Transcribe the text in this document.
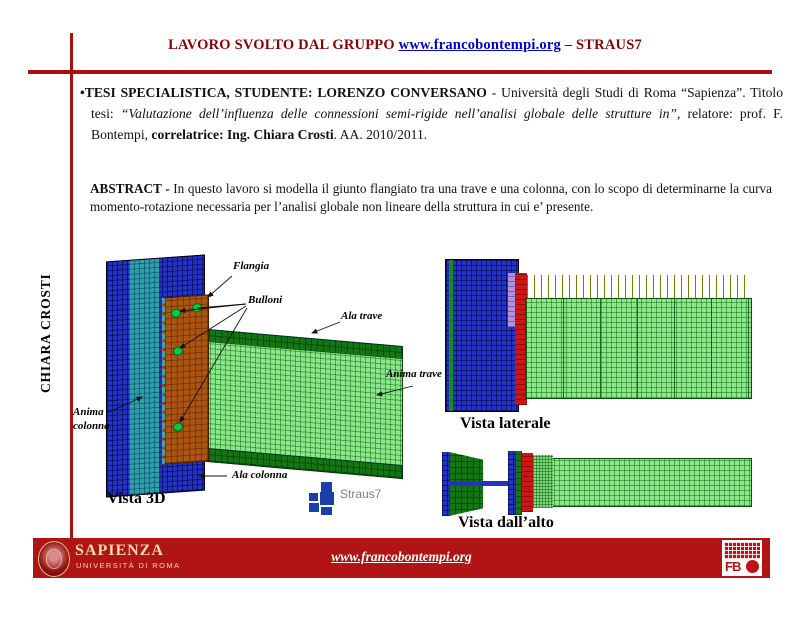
LAVORO SVOLTO DAL GRUPPO www.francobontempi.org – STRAUS7
CHIARA CROSTI
•TESI SPECIALISTICA, STUDENTE: LORENZO CONVERSANO - Università degli Studi di Roma “Sapienza”. Titolo tesi: “Valutazione dell’influenza delle connessioni semi-rigide nell’analisi globale delle strutture in”, relatore: prof. F. Bontempi, correlatrice: Ing. Chiara Crosti. AA. 2010/2011.
ABSTRACT - In questo lavoro si modella il giunto flangiato tra una trave e una colonna, con lo scopo di determinarne la curva momento-rotazione necessaria per l’analisi globale non lineare della struttura in cui e’ presente.
Flangia
Bulloni
Ala trave
Anima trave
Anima
colonna
Ala colonna
Vista 3D	Straus7
Vista laterale
Vista dall’alto
SAPIENZA
UNIVERSITÀ DI ROMA
www.francobontempi.org
FB
